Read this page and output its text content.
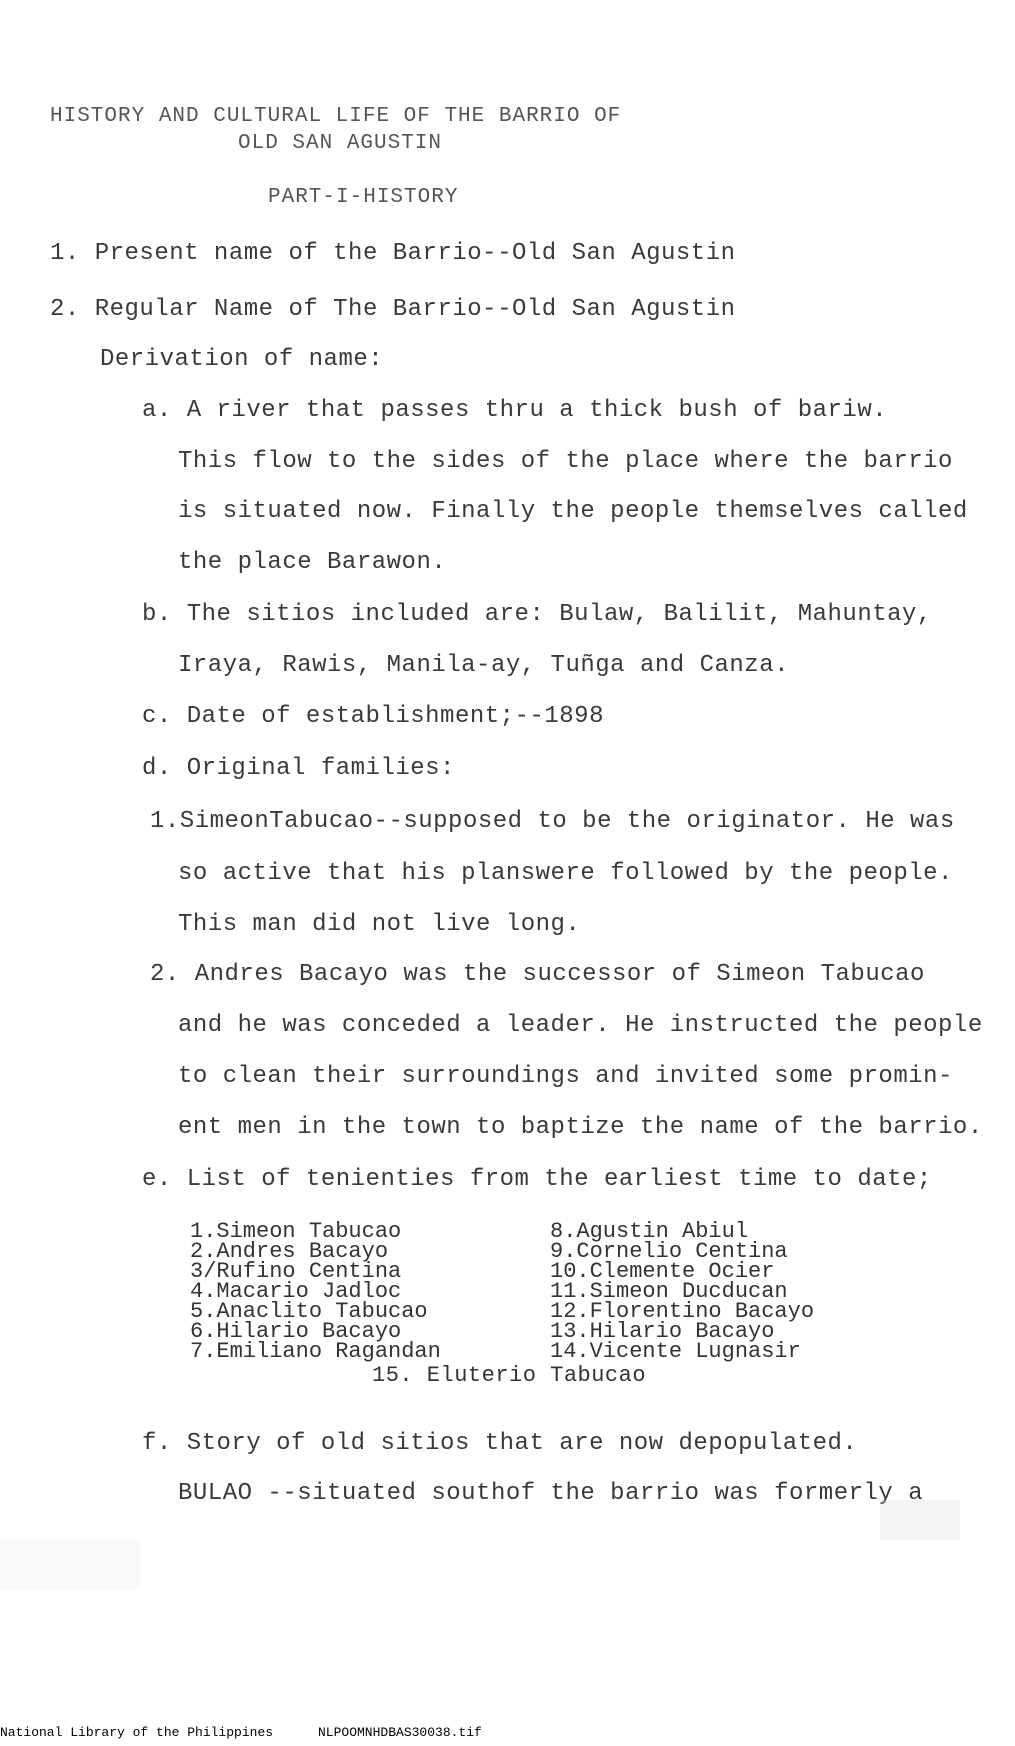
HISTORY AND CULTURAL LIFE OF THE BARRIO OF
OLD SAN AGUSTIN
PART-I-HISTORY
1. Present name of the Barrio--Old San Agustin
2. Regular Name of The Barrio--Old San Agustin
Derivation of name:
a. A river that passes thru a thick bush of bariw.
This flow to the sides of the place where the barrio
is situated now. Finally the people themselves called
the place Barawon.
b. The sitios included are: Bulaw, Balilit, Mahuntay,
Iraya, Rawis, Manila-ay, Tuñga and Canza.
c. Date of establishment;--1898
d. Original families:
1.SimeonTabucao--supposed to be the originator. He was
so active that his planswere followed by the people.
This man did not live long.
2. Andres Bacayo was the successor of Simeon Tabucao
and he was conceded a leader. He instructed the people
to clean their surroundings and invited some promin-
ent men in the town to baptize the name of the barrio.
e. List of tenienties from the earliest time to date;
1.Simeon Tabucao
2.Andres Bacayo
3/Rufino Centina
4.Macario Jadloc
5.Anaclito Tabucao
6.Hilario Bacayo
7.Emiliano Ragandan
8.Agustin Abiul
9.Cornelio Centina
10.Clemente Ocier
11.Simeon Ducducan
12.Florentino Bacayo
13.Hilario Bacayo
14.Vicente Lugnasir
15. Eluterio Tabucao
f. Story of old sitios that are now depopulated.
BULAO --situated southof the barrio was formerly a
National Library of the Philippines	NLPOOMNHDBAS30038.tif
